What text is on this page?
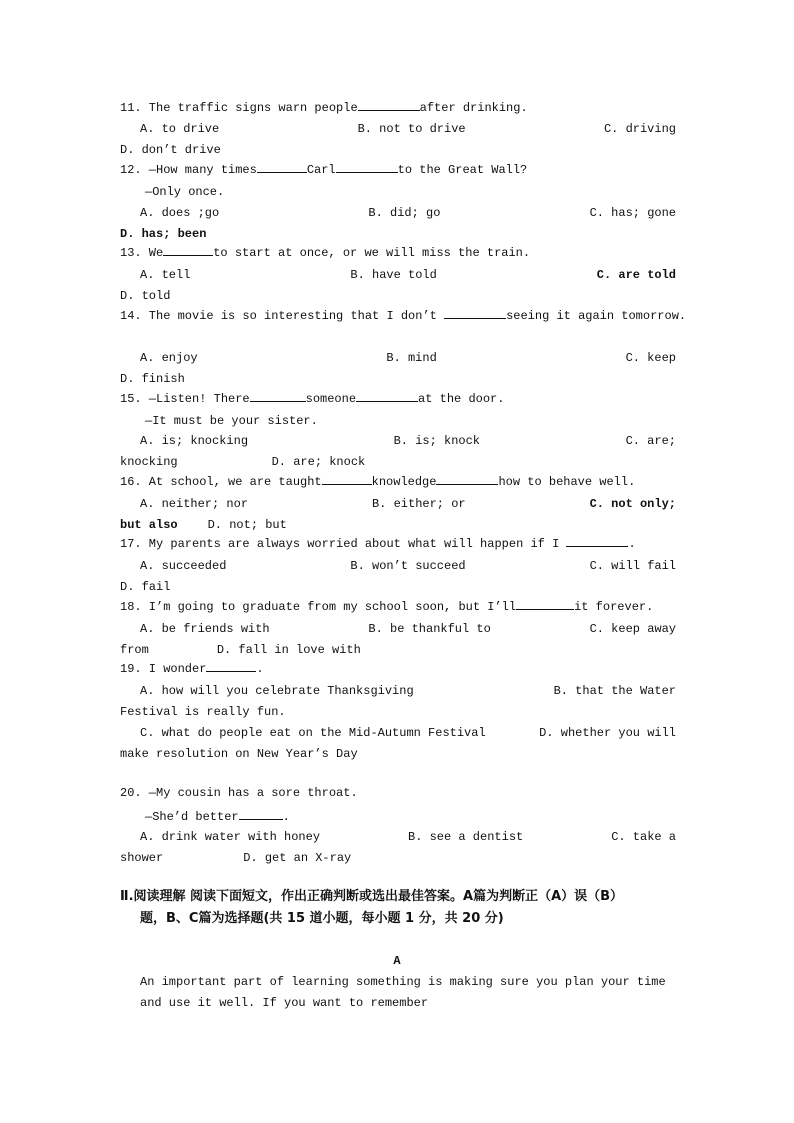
11. The traffic signs warn people	after drinking.
A. to drive	B. not to drive	C. driving
D. don’t drive
12. —How many times	Carl	to the Great Wall?
—Only once.
A. does ;go	B. did; go	C. has; gone
D. has; been
13. We	to start at once, or we will miss the train.
A. tell	B. have told	C. are told
D. told
14. The movie is so interesting that I don’t	seeing it again tomorrow.
A. enjoy	B. mind	C. keep
D. finish
15. —Listen! There	someone	at the door.
—It must be your sister.
A. is; knocking	B. is; knock	C. are;
knocking	D. are; knock
16. At school, we are taught	knowledge	how to behave well.
A. neither; nor	B. either; or	C. not only;
but also	D. not; but
17. My parents are always worried about what will happen if I	.
A. succeeded	B. won’t succeed	C. will fail
D. fail
18. I’m going to graduate from my school soon, but I’ll	it forever.
A. be friends with	B. be thankful to	C. keep away
from	D. fall in love with
19. I wonder	.
A. how will you celebrate Thanksgiving	B. that the Water
Festival is really fun.
C. what do people eat on the Mid-Autumn Festival	D. whether you will
make resolution on New Year’s Day
20. —My cousin has a sore throat.
—She’d better	.
A. drink water with honey	B. see a dentist	C. take a
shower	D. get an X-ray
Ⅱ.阅读理解 阅读下面短文，作出正确判断或选出最佳答案。A篇为判断正（A）误（B）
题，B、C篇为选择题(共 15 道小题，每小题 1 分，共 20 分)
A
An important part of learning something is making sure you plan your time
and use it well. If you want to remember
